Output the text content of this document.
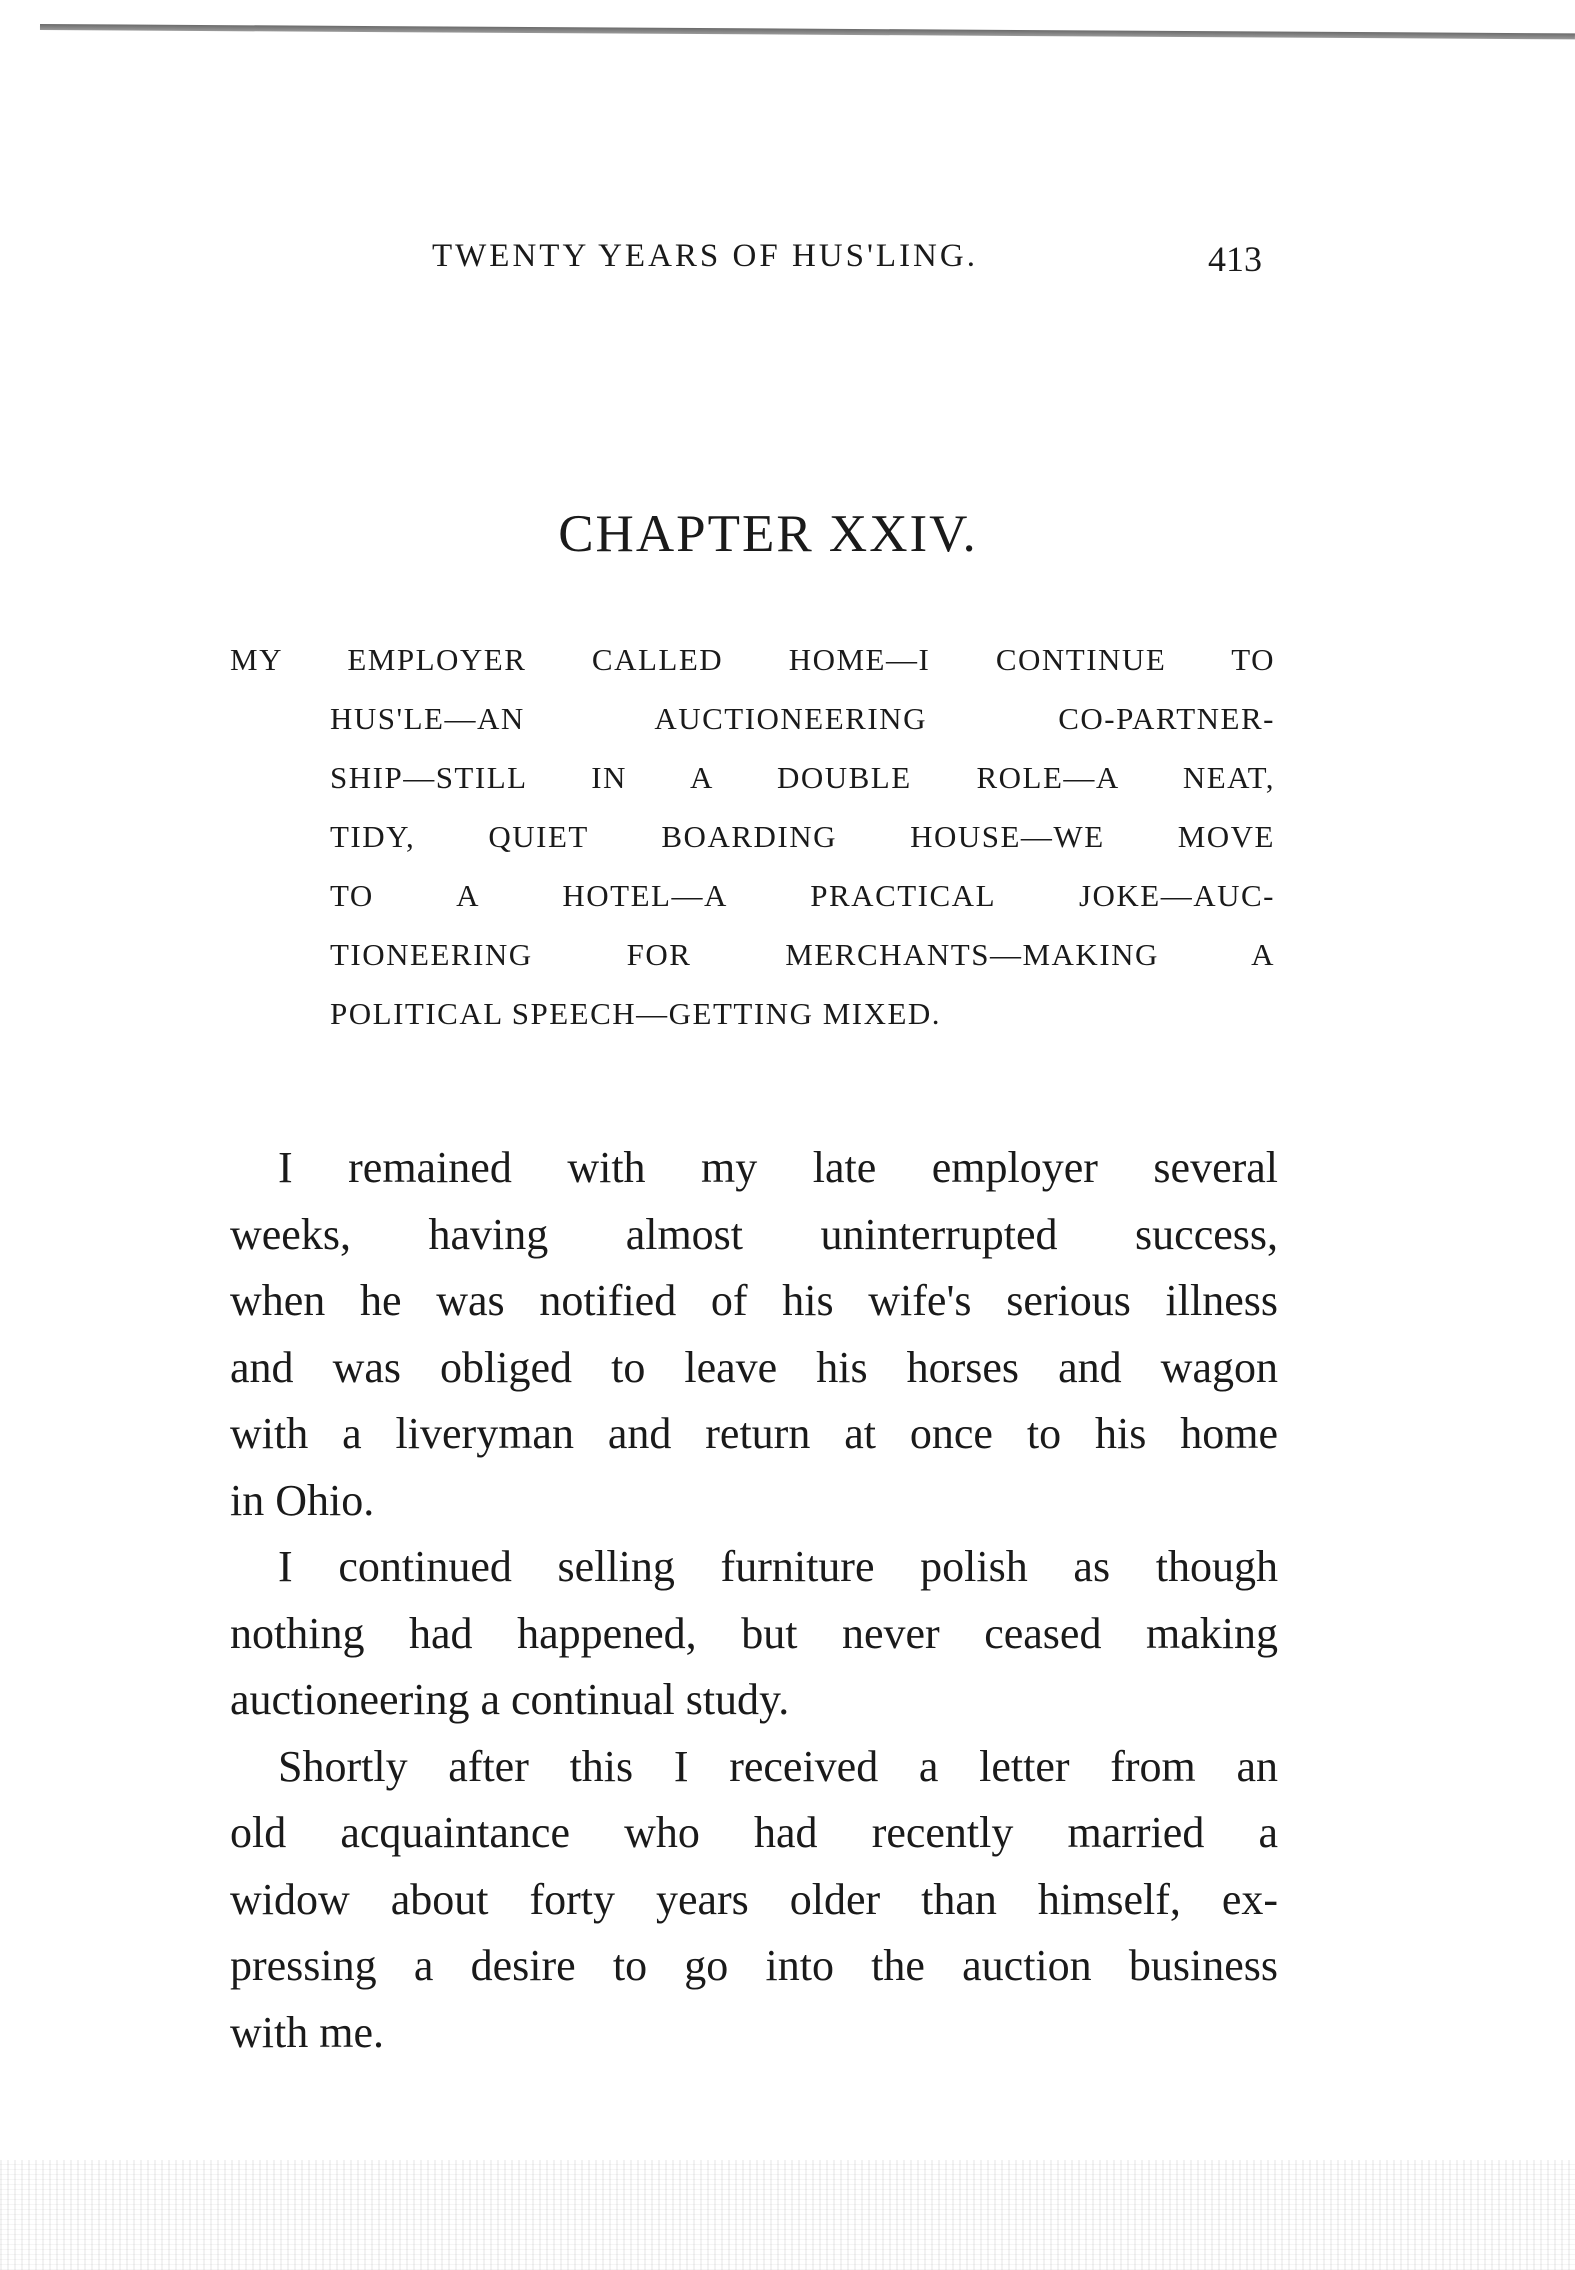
TWENTY YEARS OF HUS'LING.	413
CHAPTER XXIV.
MY EMPLOYER CALLED HOME—I CONTINUE TO
HUS'LE—AN AUCTIONEERING CO-PARTNER-
SHIP—STILL IN A DOUBLE ROLE—A NEAT,
TIDY, QUIET BOARDING HOUSE—WE MOVE
TO A HOTEL—A PRACTICAL JOKE—AUC-
TIONEERING FOR MERCHANTS—MAKING A
POLITICAL SPEECH—GETTING MIXED.
I remained with my late employer several
weeks, having almost uninterrupted success,
when he was notified of his wife's serious illness
and was obliged to leave his horses and wagon
with a liveryman and return at once to his home
in Ohio.
I continued selling furniture polish as though
nothing had happened, but never ceased making
auctioneering a continual study.
Shortly after this I received a letter from an
old acquaintance who had recently married a
widow about forty years older than himself, ex-
pressing a desire to go into the auction business
with me.
